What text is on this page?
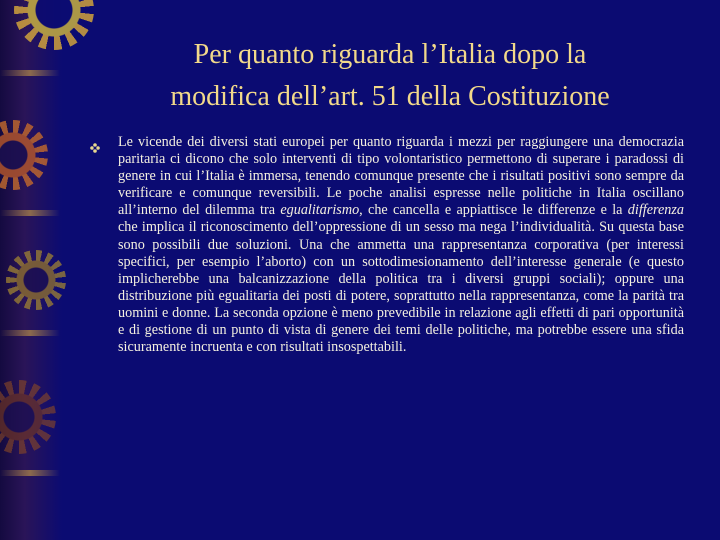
Per quanto riguarda l’Italia dopo la
modifica dell’art. 51 della Costituzione

Le vicende dei diversi stati europei per quanto riguarda i mezzi per raggiungere una democrazia paritaria ci dicono che solo interventi di tipo volontaristico permettono di superare i paradossi di genere in cui l’Italia è immersa, tenendo comunque presente che i risultati positivi sono sempre da verificare e comunque reversibili. Le poche analisi espresse nelle politiche in Italia oscillano all’interno del dilemma tra egualitarismo, che cancella e appiattisce le differenze e la differenza che implica il riconoscimento dell’oppressione di un sesso ma nega l’individualità. Su questa base sono possibili due soluzioni. Una che ammetta una rappresentanza corporativa (per interessi specifici, per esempio l’aborto) con un sottodimesionamento dell’interesse generale (e questo implicherebbe una balcanizzazione della politica tra i diversi gruppi sociali); oppure una distribuzione più egualitaria dei posti di potere, soprattutto nella rappresentanza, come la parità tra uomini e donne. La seconda opzione è meno prevedibile in relazione agli effetti di pari opportunità e di gestione di un punto di vista di genere dei temi delle politiche, ma potrebbe essere una sfida sicuramente incruenta e con risultati insospettabili.
